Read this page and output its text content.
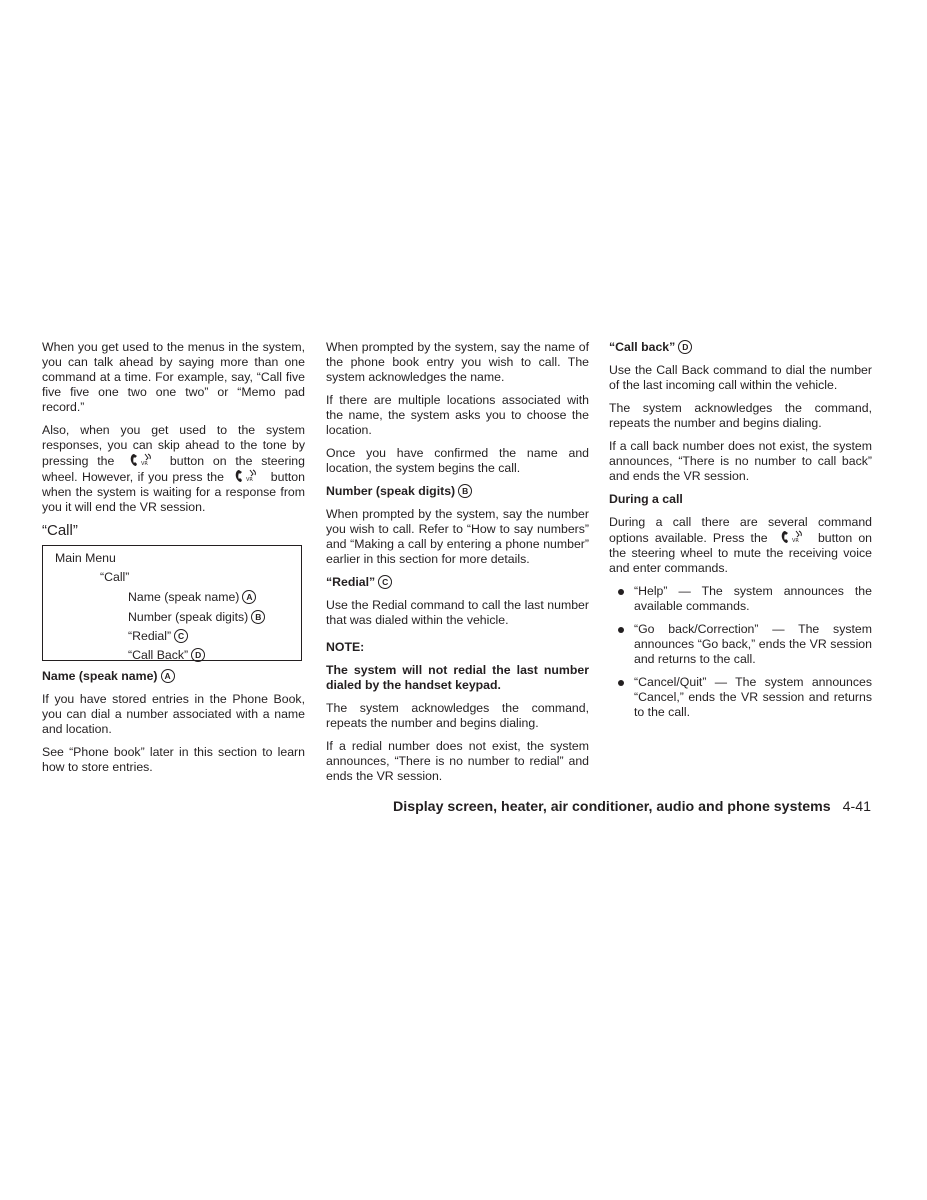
When you get used to the menus in the system, you can talk ahead by saying more than one command at a time. For example, say, “Call five five five one two one two” or “Memo pad record.”

Also, when you get used to the system responses, you can skip ahead to the tone by pressing the	button on the steering wheel. However, if you press the	button when the system is waiting for a response from you it will end the VR session.

“Call”
Main Menu
“Call”
Name (speak name) A
Number (speak digits) B
“Redial” C
“Call Back” D
Name (speak name) A

If you have stored entries in the Phone Book, you can dial a number associated with a name and location.

See “Phone book” later in this section to learn how to store entries.

When prompted by the system, say the name of the phone book entry you wish to call. The system acknowledges the name.

If there are multiple locations associated with the name, the system asks you to choose the location.

Once you have confirmed the name and location, the system begins the call.

Number (speak digits) B

When prompted by the system, say the number you wish to call. Refer to “How to say numbers” and “Making a call by entering a phone number” earlier in this section for more details.

“Redial” C

Use the Redial command to call the last number that was dialed within the vehicle.

NOTE:

The system will not redial the last number dialed by the handset keypad.

The system acknowledges the command, repeats the number and begins dialing.

If a redial number does not exist, the system announces, “There is no number to redial” and ends the VR session.

“Call back” D

Use the Call Back command to dial the number of the last incoming call within the vehicle.

The system acknowledges the command, repeats the number and begins dialing.

If a call back number does not exist, the system announces, “There is no number to call back” and ends the VR session.

During a call

During a call there are several command options available. Press the	button on the steering wheel to mute the receiving voice and enter commands.

“Help” — The system announces the available commands.
“Go back/Correction” — The system announces “Go back,” ends the VR session and returns to the call.
“Cancel/Quit” — The system announces “Cancel,” ends the VR session and returns to the call.
Display screen, heater, air conditioner, audio and phone systems 4-41
